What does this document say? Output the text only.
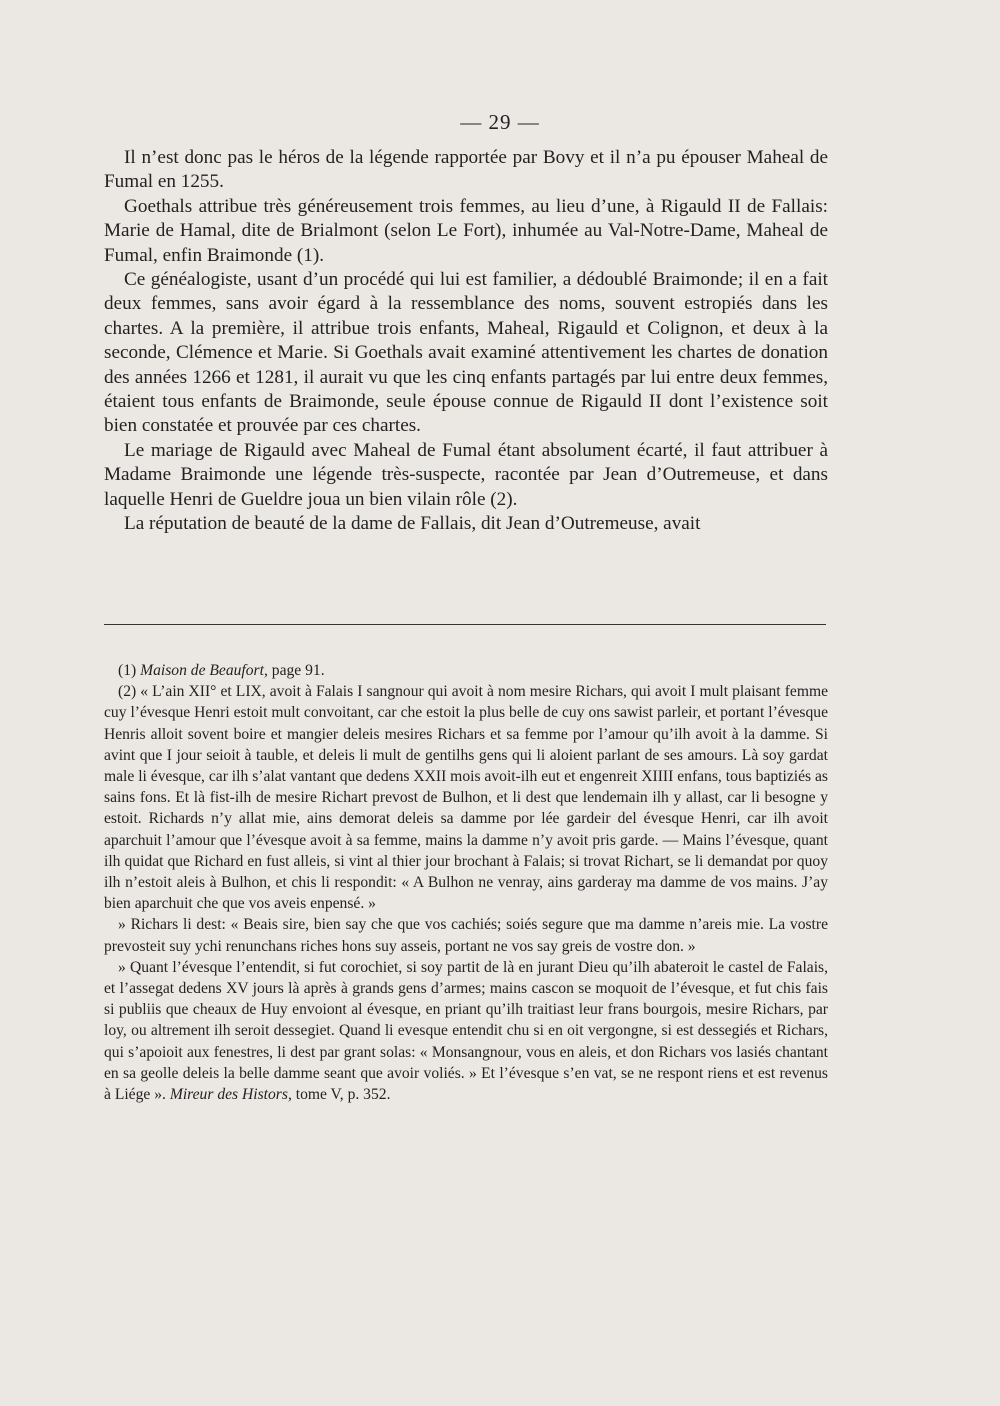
— 29 —

Il n’est donc pas le héros de la légende rapportée par Bovy et il n’a pu épouser Maheal de Fumal en 1255.

Goethals attribue très généreusement trois femmes, au lieu d’une, à Rigauld II de Fallais: Marie de Hamal, dite de Brialmont (selon Le Fort), inhumée au Val-Notre-Dame, Maheal de Fumal, enfin Braimonde (1).

Ce généalogiste, usant d’un procédé qui lui est familier, a dédoublé Braimonde; il en a fait deux femmes, sans avoir égard à la ressemblance des noms, souvent estropiés dans les chartes. A la première, il attribue trois enfants, Maheal, Rigauld et Colignon, et deux à la seconde, Clémence et Marie. Si Goethals avait examiné attentivement les chartes de donation des années 1266 et 1281, il aurait vu que les cinq enfants partagés par lui entre deux femmes, étaient tous enfants de Braimonde, seule épouse connue de Rigauld II dont l’existence soit bien constatée et prouvée par ces chartes.

Le mariage de Rigauld avec Maheal de Fumal étant absolument écarté, il faut attribuer à Madame Braimonde une légende très-suspecte, racontée par Jean d’Outremeuse, et dans laquelle Henri de Gueldre joua un bien vilain rôle (2).

La réputation de beauté de la dame de Fallais, dit Jean d’Outremeuse, avait

(1) Maison de Beaufort, page 91.

(2) « L’ain XII° et LIX, avoit à Falais I sangnour qui avoit à nom mesire Richars, qui avoit I mult plaisant femme cuy l’évesque Henri estoit mult convoitant, car che estoit la plus belle de cuy ons sawist parleir, et portant l’évesque Henris alloit sovent boire et mangier deleis mesires Richars et sa femme por l’amour qu’ilh avoit à la damme. Si avint que I jour seioit à tauble, et deleis li mult de gentilhs gens qui li aloient parlant de ses amours. Là soy gardat male li évesque, car ilh s’alat vantant que dedens XXII mois avoit-ilh eut et engenreit XIIII enfans, tous baptiziés as sains fons. Et là fist-ilh de mesire Richart prevost de Bulhon, et li dest que lendemain ilh y allast, car li besogne y estoit. Richards n’y allat mie, ains demorat deleis sa damme por lée gardeir del évesque Henri, car ilh avoit aparchuit l’amour que l’évesque avoit à sa femme, mains la damme n’y avoit pris garde. — Mains l’évesque, quant ilh quidat que Richard en fust alleis, si vint al thier jour brochant à Falais; si trovat Richart, se li demandat por quoy ilh n’estoit aleis à Bulhon, et chis li respondit: « A Bulhon ne venray, ains garderay ma damme de vos mains. J’ay bien aparchuit che que vos aveis enpensé. »

» Richars li dest: « Beais sire, bien say che que vos cachiés; soiés segure que ma damme n’areis mie. La vostre prevosteit suy ychi renunchans riches hons suy asseis, portant ne vos say greis de vostre don. »

» Quant l’évesque l’entendit, si fut corochiet, si soy partit de là en jurant Dieu qu’ilh abateroit le castel de Falais, et l’assegat dedens XV jours là après à grands gens d’armes; mains cascon se moquoit de l’évesque, et fut chis fais si publiis que cheaux de Huy envoiont al évesque, en priant qu’ilh traitiast leur frans bourgois, mesire Richars, par loy, ou altrement ilh seroit dessegiet. Quand li evesque entendit chu si en oit vergongne, si est dessegiés et Richars, qui s’apoioit aux fenestres, li dest par grant solas: « Monsangnour, vous en aleis, et don Richars vos lasiés chantant en sa geolle deleis la belle damme seant que avoir voliés. » Et l’évesque s’en vat, se ne respont riens et est revenus à Liége ». Mireur des Histors, tome V, p. 352.
